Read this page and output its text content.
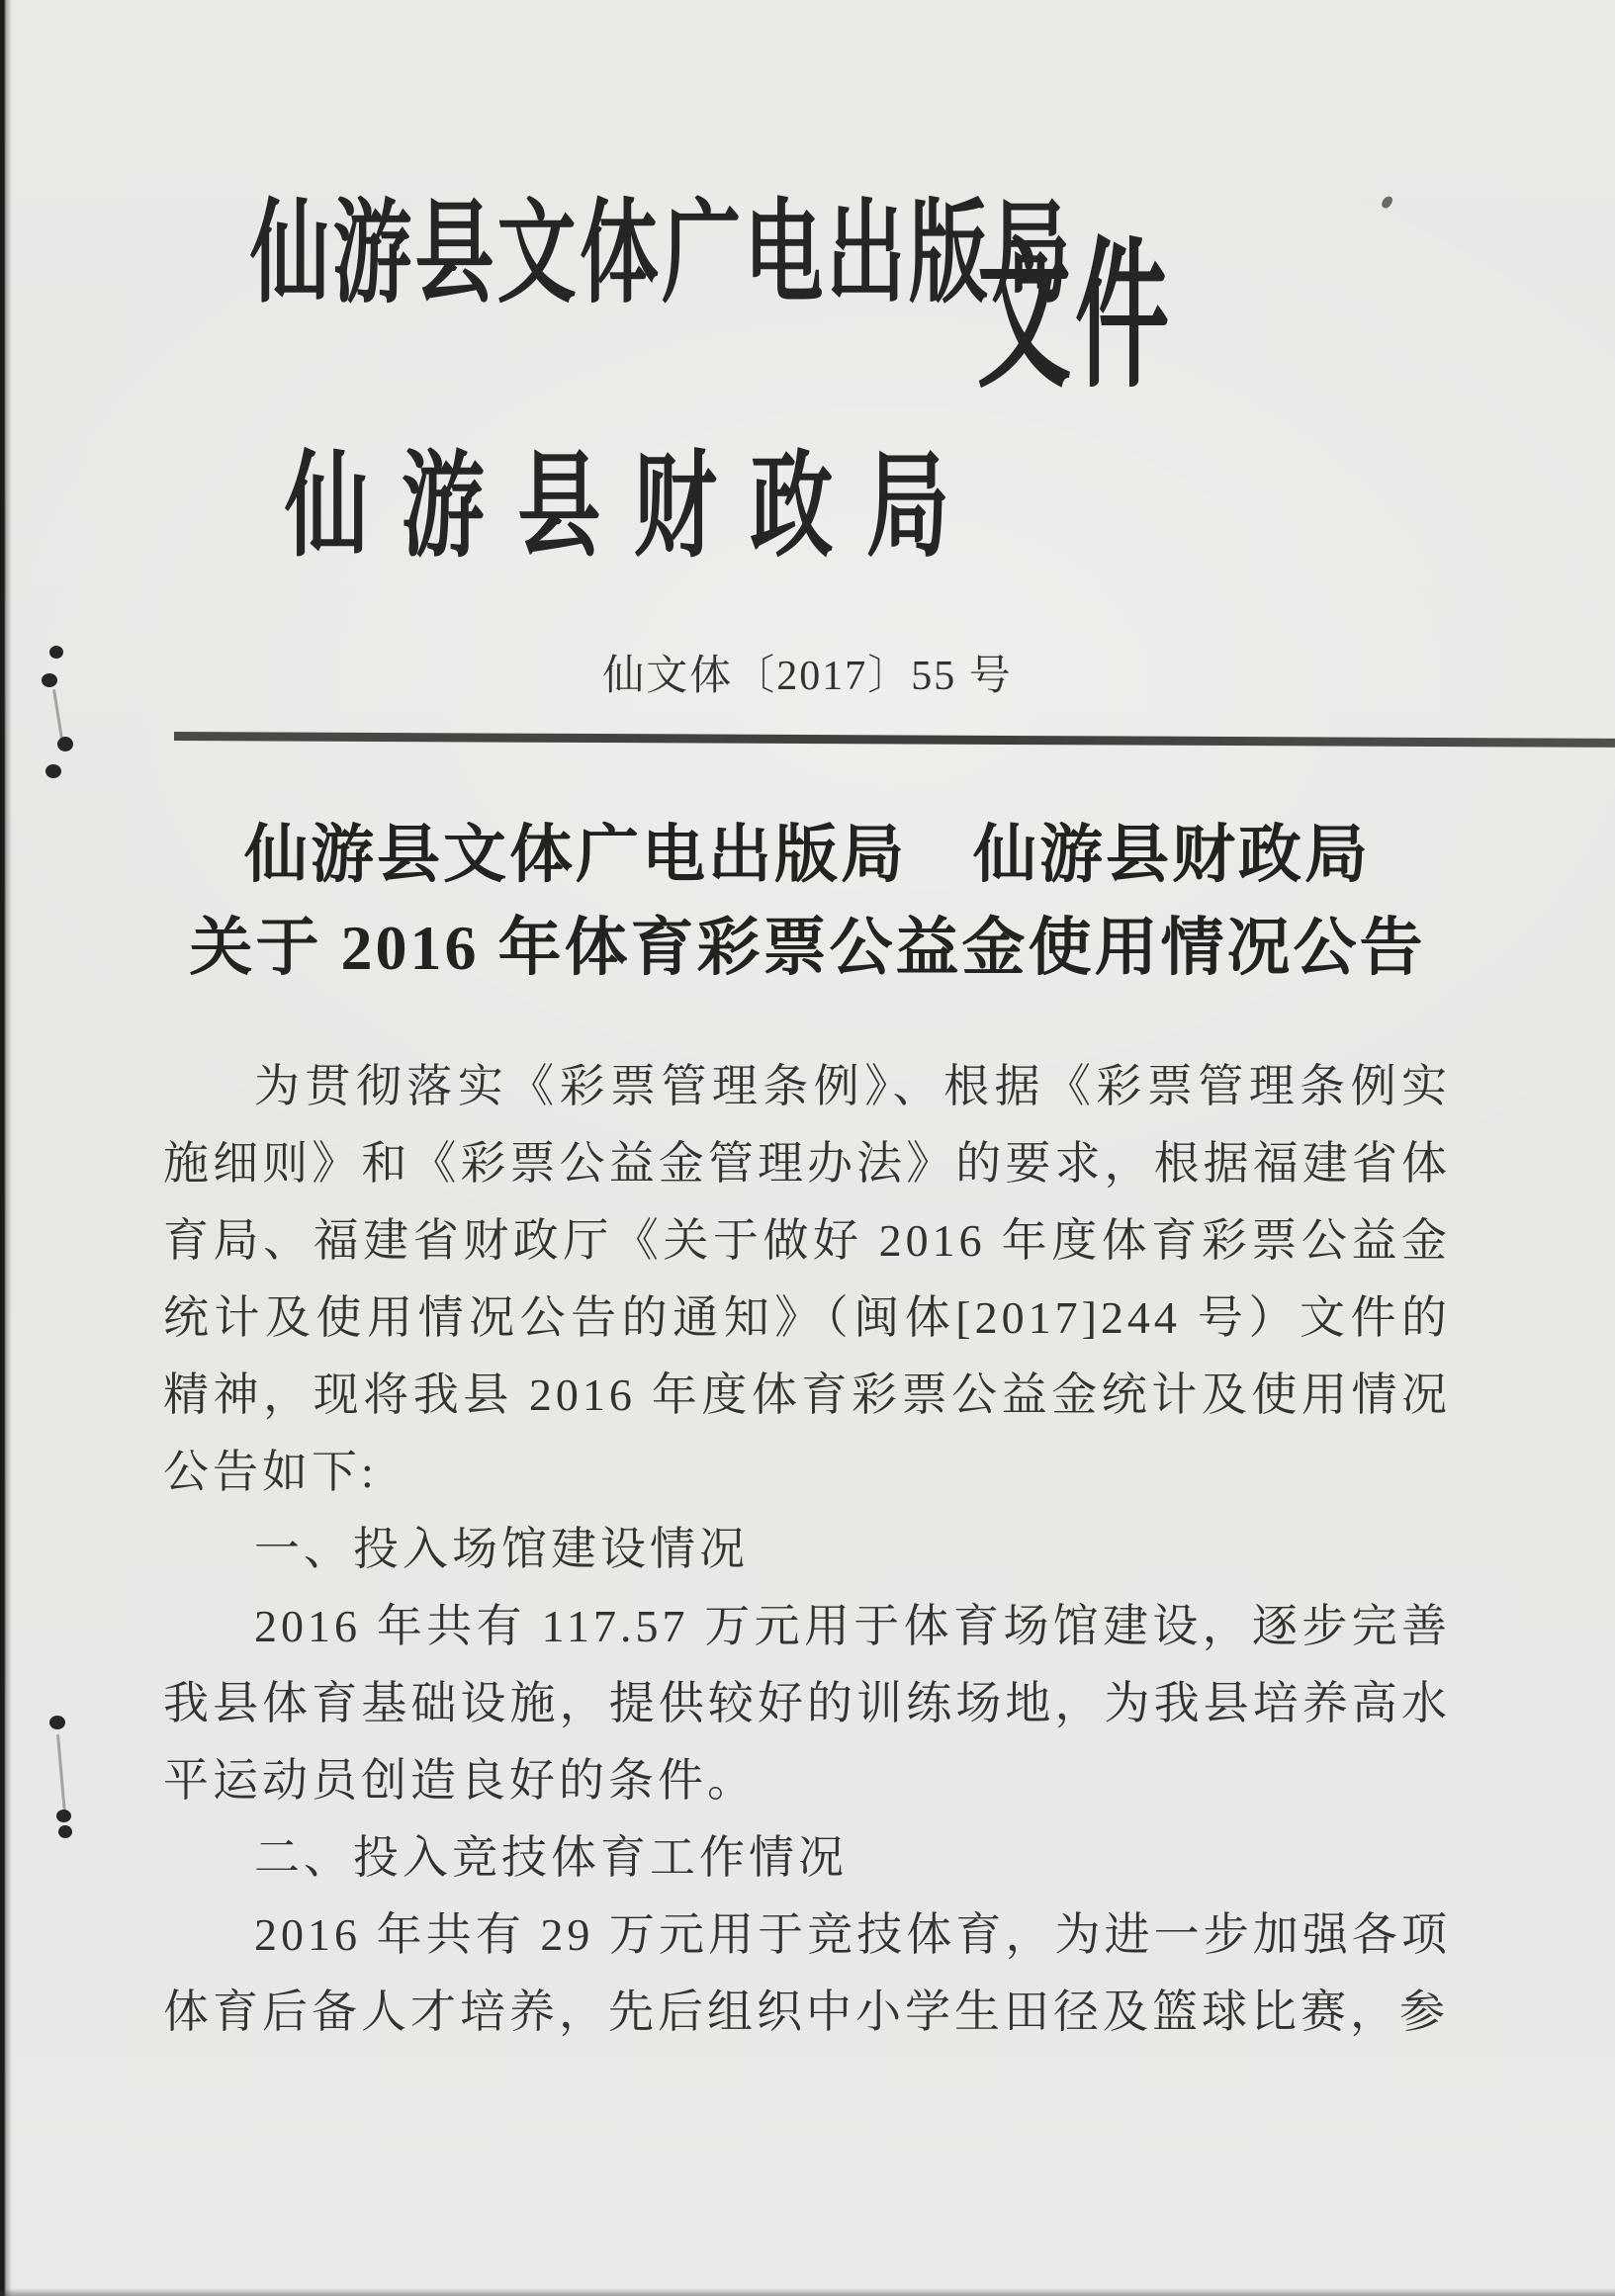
仙游县文体广电出版局
仙游县财政局
文件
仙文体〔2017〕55 号
仙游县文体广电出版局　仙游县财政局
关于 2016 年体育彩票公益金使用情况公告

为贯彻落实《彩票管理条例》、根据《彩票管理条例实施细则》和《彩票公益金管理办法》的要求，根据福建省体育局、福建省财政厅《关于做好 2016 年度体育彩票公益金统计及使用情况公告的通知》（闽体[2017]244 号）文件的精神，现将我县 2016 年度体育彩票公益金统计及使用情况公告如下:

一、投入场馆建设情况

2016 年共有 117.57 万元用于体育场馆建设，逐步完善我县体育基础设施，提供较好的训练场地，为我县培养高水平运动员创造良好的条件。

二、投入竞技体育工作情况

2016 年共有 29 万元用于竞技体育，为进一步加强各项体育后备人才培养，先后组织中小学生田径及篮球比赛，参
